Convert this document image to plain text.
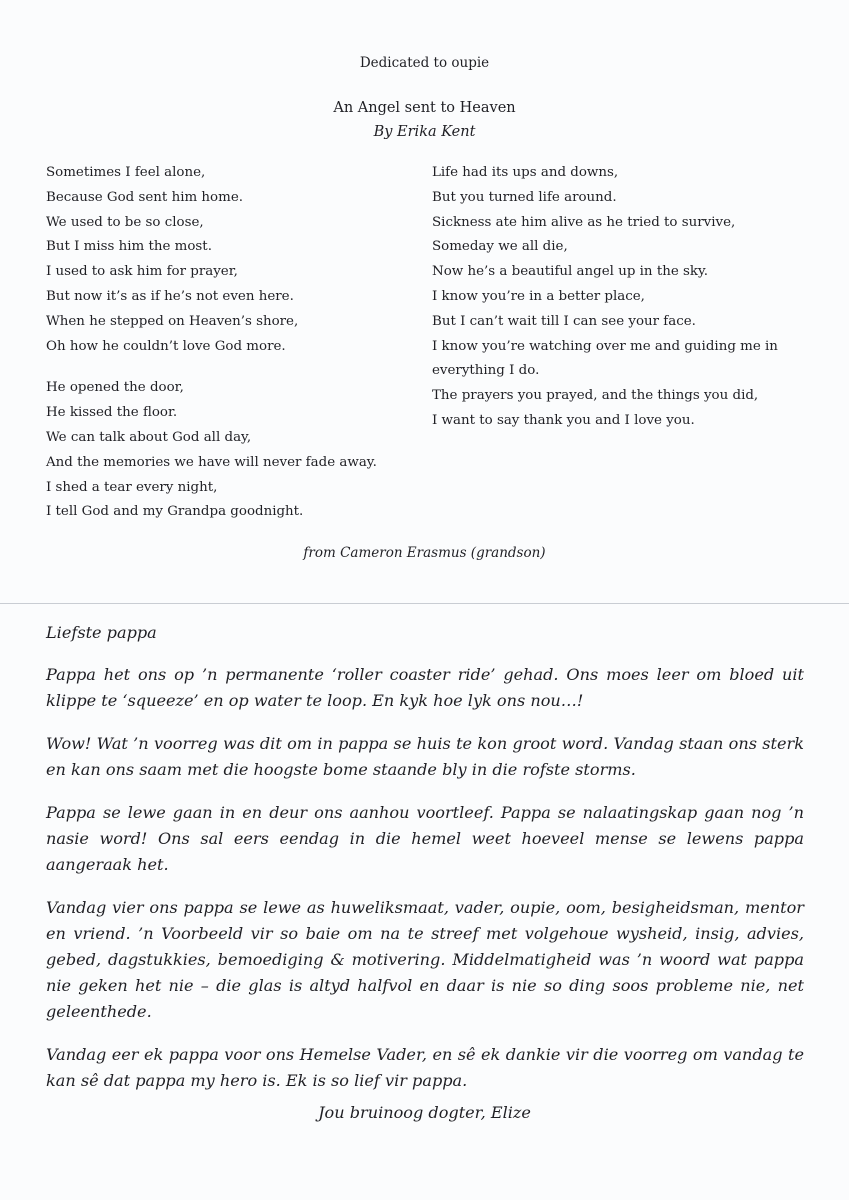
Dedicated to oupie
An Angel sent to Heaven
By Erika Kent
Sometimes I feel alone,
Because God sent him home.
We used to be so close,
But I miss him the most.
I used to ask him for prayer,
But now it’s as if he’s not even here.
When he stepped on Heaven’s shore,
Oh how he couldn’t love God more.
He opened the door,
He kissed the floor.
We can talk about God all day,
And the memories we have will never fade away.
I shed a tear every night,
I tell God and my Grandpa goodnight.
Life had its ups and downs,
But you turned life around.
Sickness ate him alive as he tried to survive,
Someday we all die,
Now he’s a beautiful angel up in the sky.
I know you’re in a better place,
But I can’t wait till I can see your face.
I know you’re watching over me and guiding me in
everything I do.
The prayers you prayed, and the things you did,
I want to say thank you and I love you.
from Cameron Erasmus (grandson)

Liefste pappa

Pappa het ons op ’n permanente ‘roller coaster ride’ gehad. Ons moes leer om bloed uit klippe te ‘squeeze’ en op water te loop. En kyk hoe lyk ons nou…!

Wow! Wat ’n voorreg was dit om in pappa se huis te kon groot word. Vandag staan ons sterk en kan ons saam met die hoogste bome staande bly in die rofste storms.

Pappa se lewe gaan in en deur ons aanhou voortleef. Pappa se nalaatingskap gaan nog ’n nasie word! Ons sal eers eendag in die hemel weet hoeveel mense se lewens pappa aangeraak het.

Vandag vier ons pappa se lewe as huweliksmaat, vader, oupie, oom, besigheidsman, mentor en vriend. ’n Voorbeeld vir so baie om na te streef met volgehoue wysheid, insig, advies, gebed, dagstukkies, bemoediging & motivering. Middelmatigheid was ’n woord wat pappa nie geken het nie – die glas is altyd halfvol en daar is nie so ding soos probleme nie, net geleenthede.

Vandag eer ek pappa voor ons Hemelse Vader, en sê ek dankie vir die voorreg om vandag te kan sê dat pappa my hero is. Ek is so lief vir pappa.

Jou bruinoog dogter, Elize
